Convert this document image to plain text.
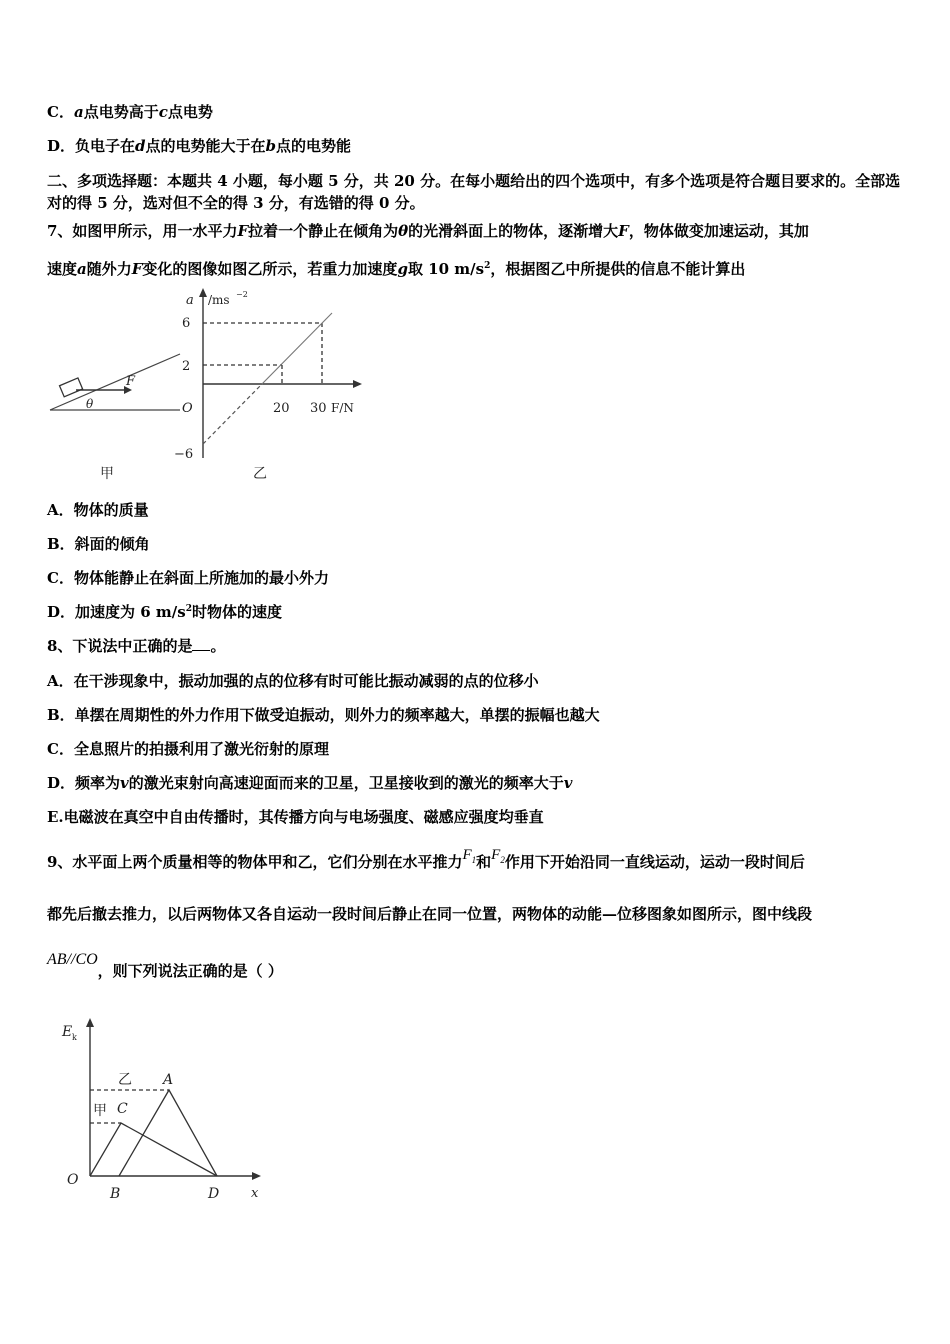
C．a点电势高于c点电势
D．负电子在d点的电势能大于在b点的电势能
二、多项选择题：本题共 4 小题，每小题 5 分，共 20 分。在每小题给出的四个选项中，有多个选项是符合题目要求的。全部选对的得 5 分，选对但不全的得 3 分，有选错的得 0 分。
7、如图甲所示，用一水平力F拉着一个静止在倾角为θ的光滑斜面上的物体，逐渐增大F，物体做变加速运动，其加
速度a随外力F变化的图像如图乙所示，若重力加速度g取 10 $m/s^2$，根据图乙中所提供的信息不能计算出
F
θ
甲
a /ms −2
F/N
O
6
2
−6
20 30
乙
A．物体的质量
B．斜面的倾角
C．物体能静止在斜面上所施加的最小外力
D．加速度为 6 $m/s^2$时物体的速度
8、下说法中正确的是 。
A．在干涉现象中，振动加强的点的位移有时可能比振动减弱的点的位移小
B．单摆在周期性的外力作用下做受迫振动，则外力的频率越大，单摆的振幅也越大
C．全息照片的拍摄利用了激光衍射的原理
D．频率为v的激光束射向高速迎面而来的卫星，卫星接收到的激光的频率大于v
E.电磁波在真空中自由传播时，其传播方向与电场强度、磁感应强度均垂直
9、水平面上两个质量相等的物体甲和乙，它们分别在水平推力$F_1$和$F_2$作用下开始沿同一直线运动，运动一段时间后
都先后撤去推力，以后两物体又各自运动一段时间后静止在同一位置，两物体的动能—位移图象如图所示，图中线段
AB//CO，则下列说法正确的是（ ）
E k
x
O
A
C
B	D
乙
甲
